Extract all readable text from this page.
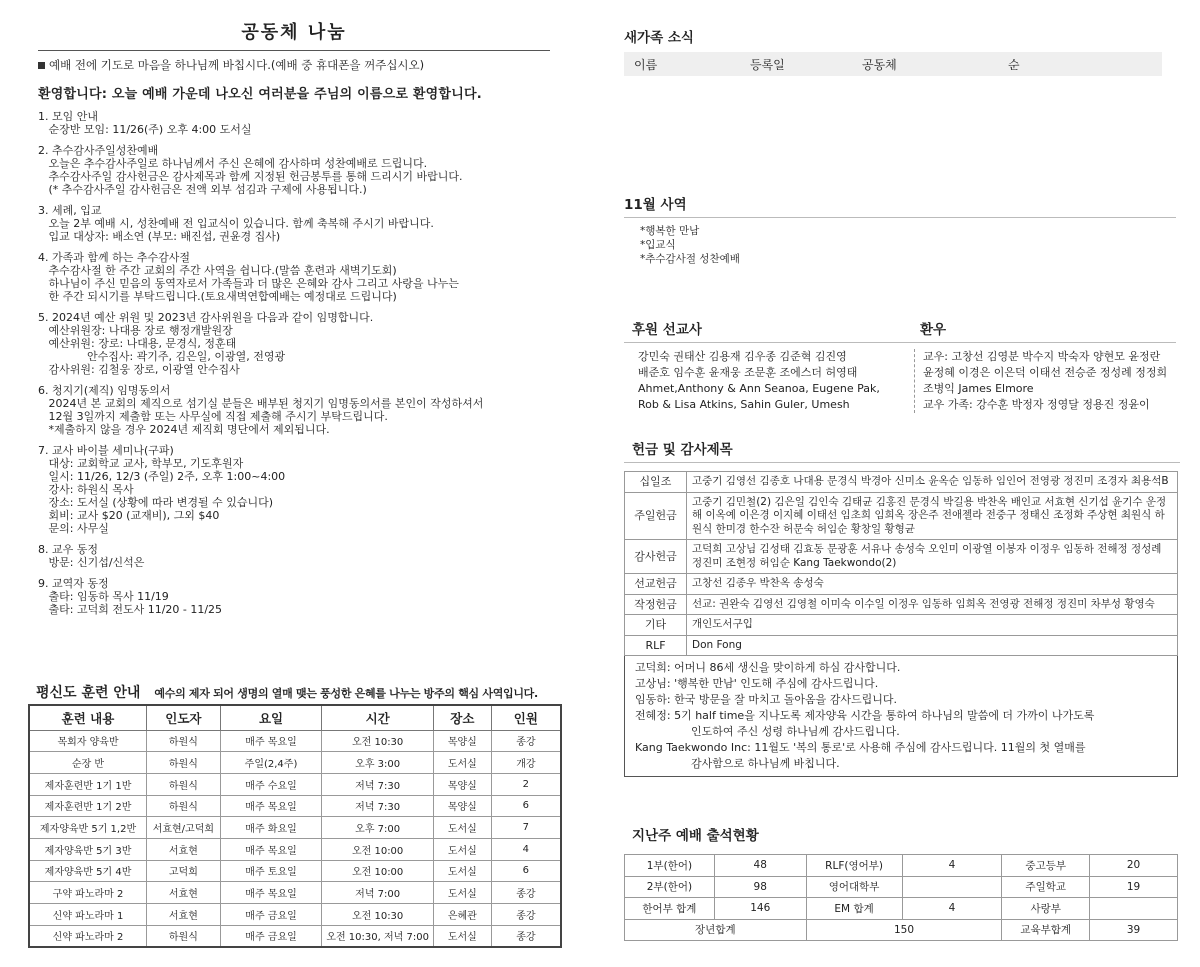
공동체 나눔
예배 전에 기도로 마음을 하나님께 바칩시다.(예배 중 휴대폰을 꺼주십시오)
환영합니다: 오늘 예배 가운데 나오신 여러분을 주님의 이름으로 환영합니다.
1. 모임 안내
순장반 모임: 11/26(주) 오후 4:00 도서실
2. 추수감사주일성찬예배
오늘은 추수감사주일로 하나님께서 주신 은혜에 감사하며 성찬예배로 드립니다.
추수감사주일 감사헌금은 감사제목과 함께 지정된 헌금봉투를 통해 드리시기 바랍니다.
(* 추수감사주일 감사헌금은 전액 외부 섬김과 구제에 사용됩니다.)
3. 세례, 입교
오늘 2부 예배 시, 성찬예배 전 입교식이 있습니다. 함께 축복해 주시기 바랍니다.
입교 대상자: 배소연 (부모: 배진섭, 권윤경 집사)
4. 가족과 함께 하는 추수감사절
추수감사절 한 주간 교회의 주간 사역을 쉽니다.(말씀 훈련과 새벽기도회)
하나님이 주신 믿음의 동역자로서 가족들과 더 많은 은혜와 감사 그리고 사랑을 나누는
한 주간 되시기를 부탁드립니다.(토요새벽연합예배는 예정대로 드립니다)
5. 2024년 예산 위원 및 2023년 감사위원을 다음과 같이 임명합니다.
예산위원장: 나대용 장로 행정개발원장
예산위원: 장로: 나대용, 문경식, 정훈태
안수집사: 곽기주, 김은일, 이광열, 전영광
감사위원: 김철웅 장로, 이광열 안수집사
6. 청지기(제직) 임명동의서
2024년 본 교회의 제직으로 섬기실 분들은 배부된 청지기 임명동의서를 본인이 작성하셔서
12월 3일까지 제출함 또는 사무실에 직접 제출해 주시기 부탁드립니다.
*제출하지 않을 경우 2024년 제직회 명단에서 제외됩니다.
7. 교사 바이블 세미나(구파)
대상: 교회학교 교사, 학부모, 기도후원자
일시: 11/26, 12/3 (주일) 2주, 오후 1:00~4:00
강사: 하원식 목사
장소: 도서실 (상황에 따라 변경될 수 있습니다)
회비: 교사 $20 (교재비), 그외 $40
문의: 사무실
8. 교우 동정
방문: 신기섭/신석은
9. 교역자 동정
출타: 임동하 목사 11/19
출타: 고덕희 전도사 11/20 - 11/25
평신도 훈련 안내 예수의 제자 되어 생명의 열매 맺는 풍성한 은혜를 나누는 방주의 핵심 사역입니다.
훈련 내용	인도자	요일	시간	장소	인원
목회자 양육반	하원식	매주 목요일	오전 10:30	목양실	종강
순장 반	하원식	주일(2,4주)	오후 3:00	도서실	개강
제자훈련반 1기 1반	하원식	매주 수요일	저녁 7:30	목양실	2
제자훈련반 1기 2반	하원식	매주 목요일	저녁 7:30	목양실	6
제자양육반 5기 1,2반	서효현/고덕희	매주 화요일	오후 7:00	도서실	7
제자양육반 5기 3반	서효현	매주 목요일	오전 10:00	도서실	4
제자양육반 5기 4반	고덕희	매주 토요일	오전 10:00	도서실	6
구약 파노라마 2	서효현	매주 목요일	저녁 7:00	도서실	종강
신약 파노라마 1	서효현	매주 금요일	오전 10:30	은혜관	종강
신약 파노라마 2	하원식	매주 금요일	오전 10:30, 저녁 7:00	도서실	종강
새가족 소식
이름	등록일	공동체	순
11월 사역
*행복한 만남
*입교식
*추수감사절 성찬예배
후원 선교사	환우
강민숙 권태산 김용재 김우종 김준혁 김진영
배준호 임수훈 윤재웅 조문훈 조에스더 허영태
Ahmet,Anthony & Ann Seanoa, Eugene Pak,
Rob & Lisa Atkins, Sahin Guler, Umesh
교우: 고창선 김영분 박수지 박숙자 양현모 윤정란
윤정혜 이경은 이은덕 이태선 전승준 정성례 정정희
조병익 James Elmore
교우 가족: 강수훈 박정자 정영달 정용진 정윤이
헌금 및 감사제목
십일조	고중기 김영선 김종호 나대용 문경식 박경아 신미소 윤옥순 임동하 임인어 전영광 정진미 조경자 최용석B
주일헌금	고중기 김민철(2) 김은일 김인숙 김태균 김홍진 문경식 박길용 박찬옥 배인교 서효현 신기섭 윤기수 운정해 이옥예 이은경 이지혜 이태선 임초희 임희옥 장은주 전애젤라 전중구 정태신 조정화 주상현 최원식 하원식 한미경 한수잔 허문숙 허임순 황창일 황형균
감사헌금	고덕희 고상님 김성태 김효동 문광훈 서유나 송성숙 오인미 이광열 이봉자 이정우 임동하 전해정 정성례 정진미 조현정 허임순 Kang Taekwondo(2)
선교헌금	고창선 김종우 박찬옥 송성숙
작정헌금	선교: 권완숙 김영선 김영철 이미숙 이수일 이정우 임동하 임희옥 전영광 전해정 정진미 차부성 황영숙
기타	개인도서구입
RLF	Don Fong
고덕희: 어머니 86세 생신을 맞이하게 하심 감사합니다.
고상님: '행복한 만남' 인도해 주심에 감사드립니다.
임동하: 한국 방문을 잘 마치고 돌아옴을 감사드립니다.
전혜정: 5기 half time을 지나도록 제자양육 시간을 통하여 하나님의 말씀에 더 가까이 나가도록
인도하여 주신 성령 하나님께 감사드립니다.
Kang Taekwondo Inc: 11월도 '복의 통로'로 사용해 주심에 감사드립니다. 11월의 첫 열매를
감사함으로 하나님께 바칩니다.
지난주 예배 출석현황
1부(한어)	48	RLF(영어부)	4	중고등부	20
2부(한어)	98	영어대학부		주일학교	19
한어부 합계	146	EM 합계	4	사랑부	
장년합계		150		교육부합계	39
